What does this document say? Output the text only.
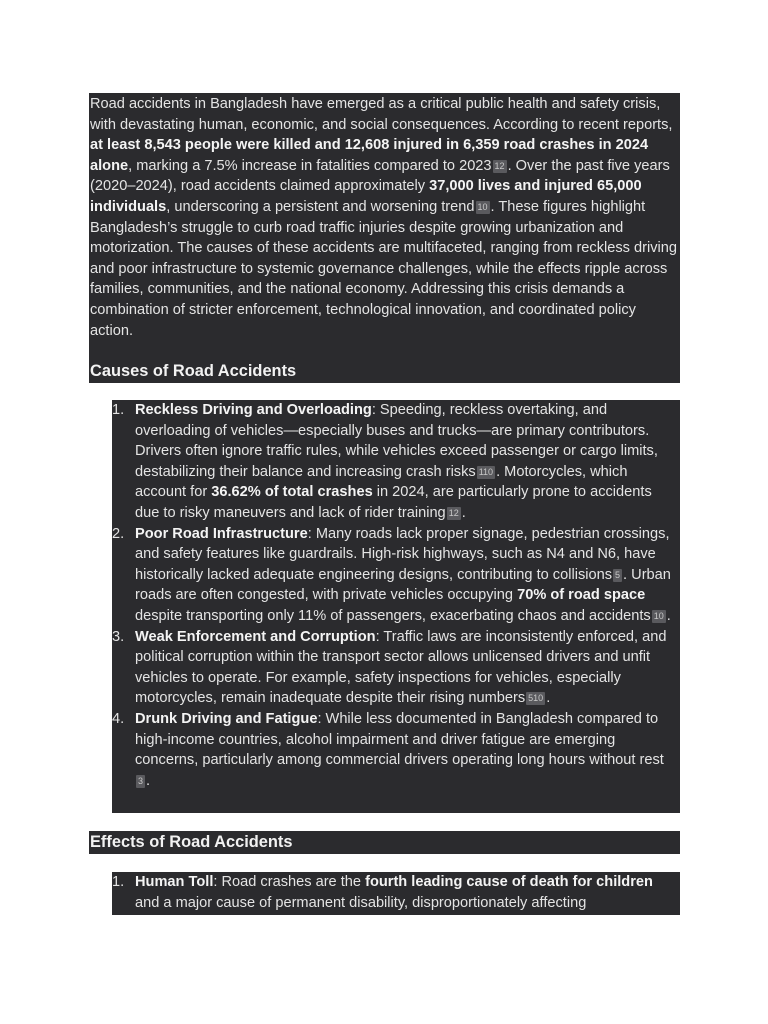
Road accidents in Bangladesh have emerged as a critical public health and safety crisis, with devastating human, economic, and social consequences. According to recent reports, at least 8,543 people were killed and 12,608 injured in 6,359 road crashes in 2024 alone, marking a 7.5% increase in fatalities compared to 2023 12 . Over the past five years (2020–2024), road accidents claimed approximately 37,000 lives and injured 65,000 individuals, underscoring a persistent and worsening trend 10 . These figures highlight Bangladesh’s struggle to curb road traffic injuries despite growing urbanization and motorization. The causes of these accidents are multifaceted, ranging from reckless driving and poor infrastructure to systemic governance challenges, while the effects ripple across families, communities, and the national economy. Addressing this crisis demands a combination of stricter enforcement, technological innovation, and coordinated policy action.

Causes of Road Accidents
1. Reckless Driving and Overloading: Speeding, reckless overtaking, and overloading of vehicles—especially buses and trucks—are primary contributors. Drivers often ignore traffic rules, while vehicles exceed passenger or cargo limits, destabilizing their balance and increasing crash risks 110 . Motorcycles, which account for 36.62% of total crashes in 2024, are particularly prone to accidents due to risky maneuvers and lack of rider training 12 .
2. Poor Road Infrastructure: Many roads lack proper signage, pedestrian crossings, and safety features like guardrails. High-risk highways, such as N4 and N6, have historically lacked adequate engineering designs, contributing to collisions 5 . Urban roads are often congested, with private vehicles occupying 70% of road space despite transporting only 11% of passengers, exacerbating chaos and accidents 10 .
3. Weak Enforcement and Corruption: Traffic laws are inconsistently enforced, and political corruption within the transport sector allows unlicensed drivers and unfit vehicles to operate. For example, safety inspections for vehicles, especially motorcycles, remain inadequate despite their rising numbers 510 .
4. Drunk Driving and Fatigue: While less documented in Bangladesh compared to high-income countries, alcohol impairment and driver fatigue are emerging concerns, particularly among commercial drivers operating long hours without rest3 .
Effects of Road Accidents
1. Human Toll: Road crashes are the fourth leading cause of death for children and a major cause of permanent disability, disproportionately affecting
